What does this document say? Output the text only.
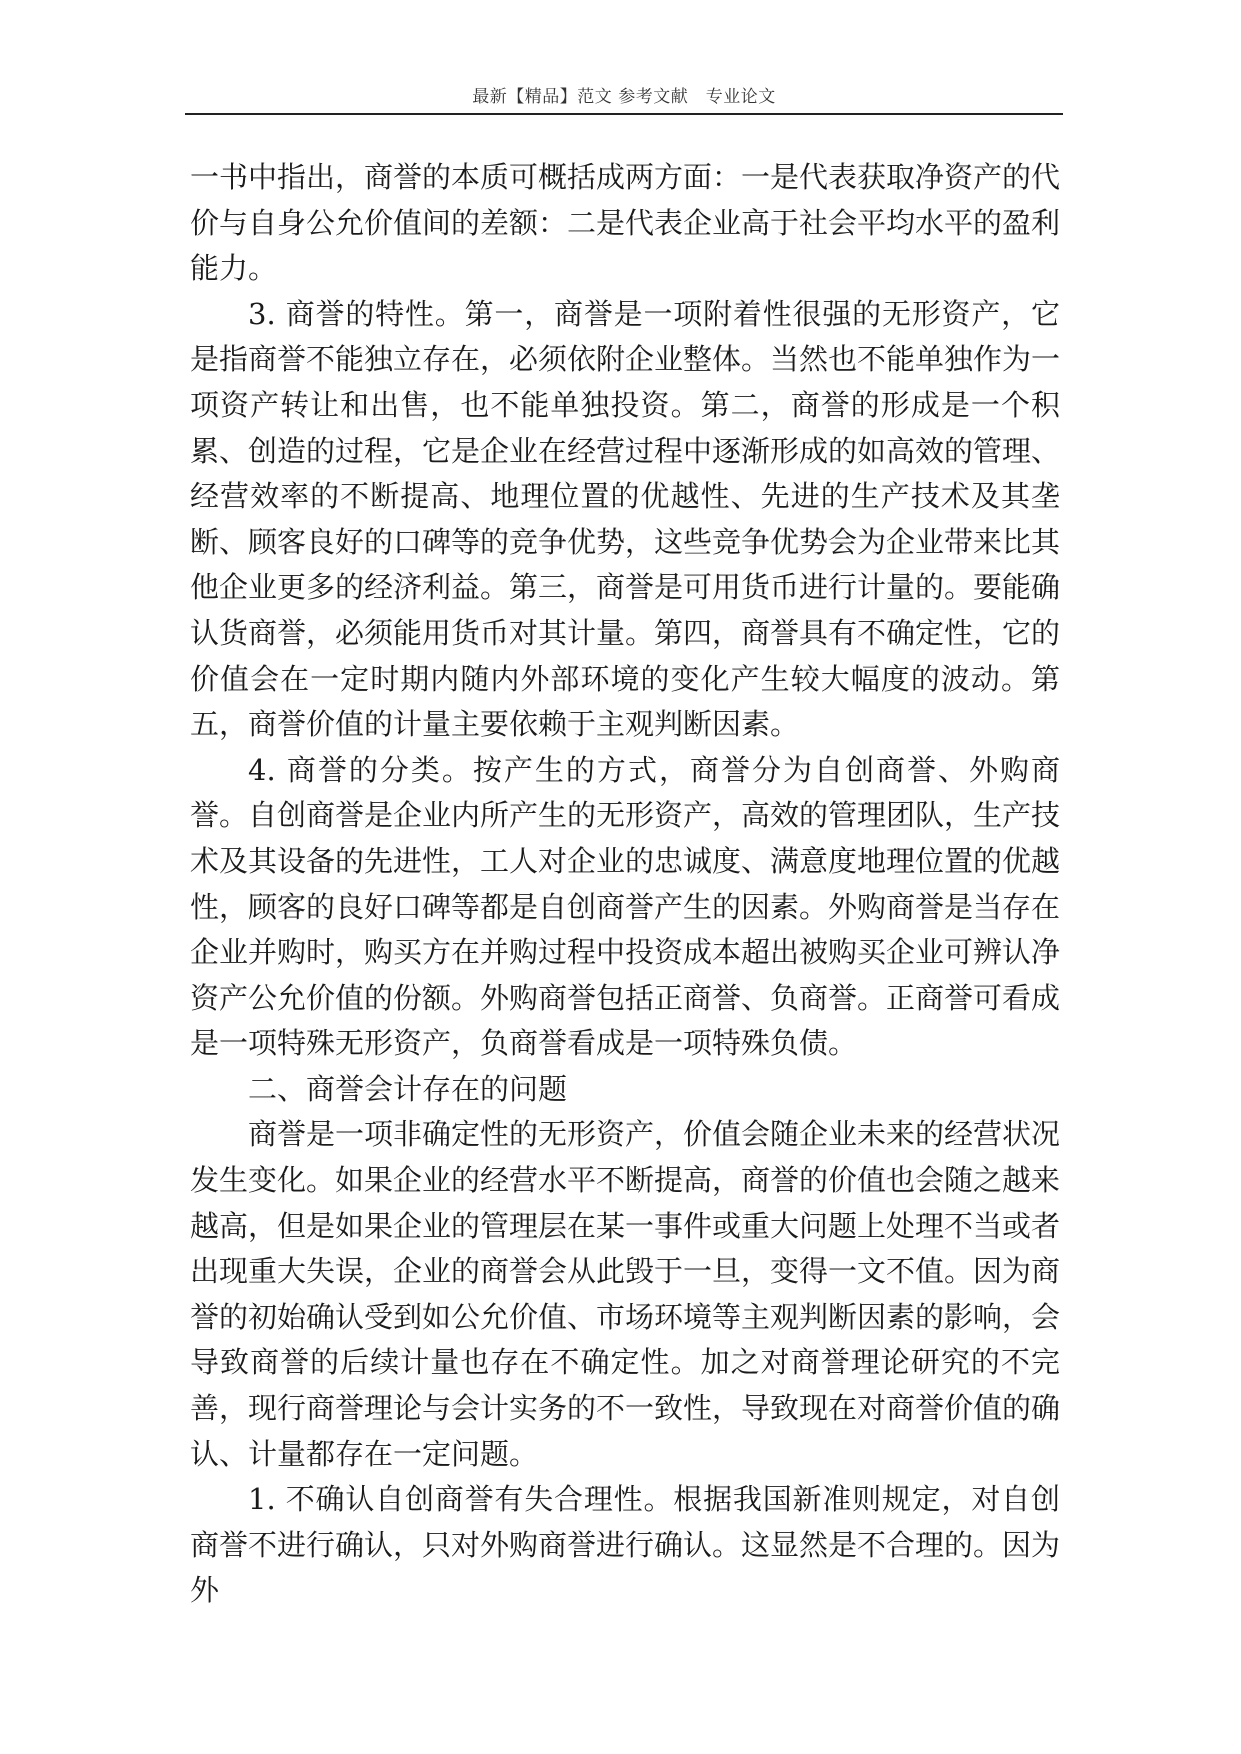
最新【精品】范文 参考文献　专业论文

一书中指出，商誉的本质可概括成两方面：一是代表获取净资产的代价与自身公允价值间的差额：二是代表企业高于社会平均水平的盈利能力。

3. 商誉的特性。第一，商誉是一项附着性很强的无形资产，它是指商誉不能独立存在，必须依附企业整体。当然也不能单独作为一项资产转让和出售，也不能单独投资。第二，商誉的形成是一个积累、创造的过程，它是企业在经营过程中逐渐形成的如高效的管理、经营效率的不断提高、地理位置的优越性、先进的生产技术及其垄断、顾客良好的口碑等的竞争优势，这些竞争优势会为企业带来比其他企业更多的经济利益。第三，商誉是可用货币进行计量的。要能确认货商誉，必须能用货币对其计量。第四，商誉具有不确定性，它的价值会在一定时期内随内外部环境的变化产生较大幅度的波动。第五，商誉价值的计量主要依赖于主观判断因素。

4. 商誉的分类。按产生的方式，商誉分为自创商誉、外购商誉。自创商誉是企业内所产生的无形资产，高效的管理团队，生产技术及其设备的先进性，工人对企业的忠诚度、满意度地理位置的优越性，顾客的良好口碑等都是自创商誉产生的因素。外购商誉是当存在企业并购时，购买方在并购过程中投资成本超出被购买企业可辨认净资产公允价值的份额。外购商誉包括正商誉、负商誉。正商誉可看成是一项特殊无形资产，负商誉看成是一项特殊负债。

二、商誉会计存在的问题

商誉是一项非确定性的无形资产，价值会随企业未来的经营状况发生变化。如果企业的经营水平不断提高，商誉的价值也会随之越来越高，但是如果企业的管理层在某一事件或重大问题上处理不当或者出现重大失误，企业的商誉会从此毁于一旦，变得一文不值。因为商誉的初始确认受到如公允价值、市场环境等主观判断因素的影响，会导致商誉的后续计量也存在不确定性。加之对商誉理论研究的不完善，现行商誉理论与会计实务的不一致性，导致现在对商誉价值的确认、计量都存在一定问题。

1. 不确认自创商誉有失合理性。根据我国新准则规定，对自创商誉不进行确认，只对外购商誉进行确认。这显然是不合理的。因为外
